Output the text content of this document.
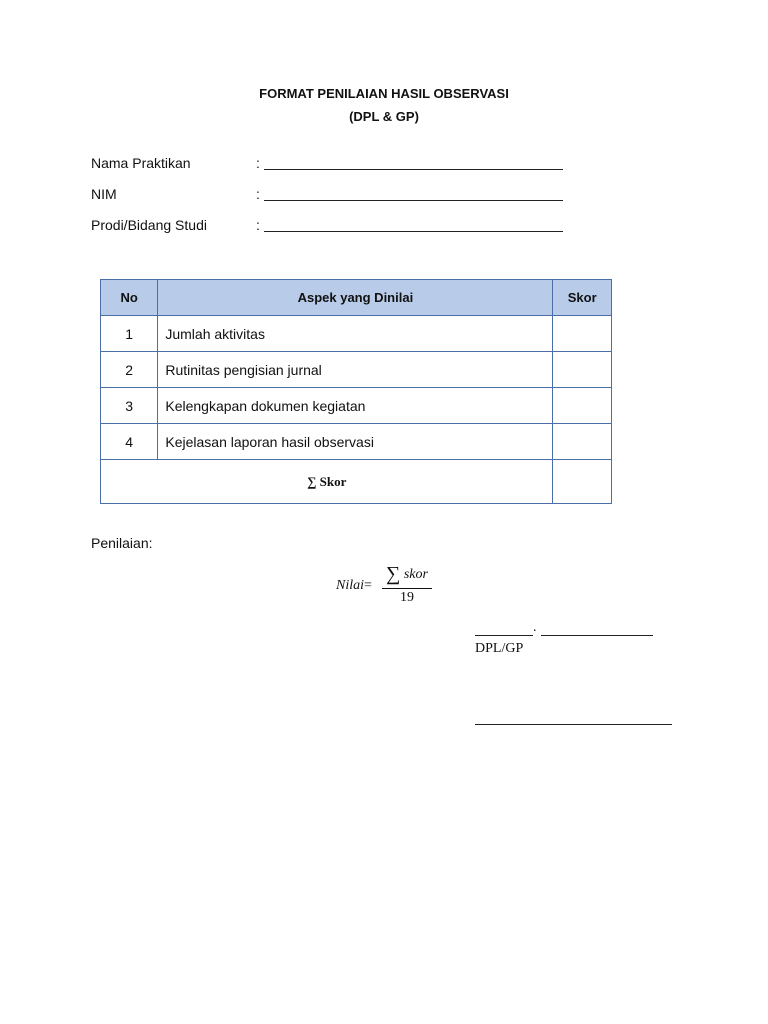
FORMAT PENILAIAN HASIL OBSERVASI
(DPL & GP)
Nama Praktikan	:
NIM	:
Prodi/Bidang Studi	:
No	Aspek yang Dinilai	Skor
1	Jumlah aktivitas	
2	Rutinitas pengisian jurnal	
3	Kelengkapan dokumen kegiatan	
4	Kejelasan laporan hasil observasi	
∑ Skor		
Penilaian:
Nilai=
∑ skor
19
.
DPL/GP
